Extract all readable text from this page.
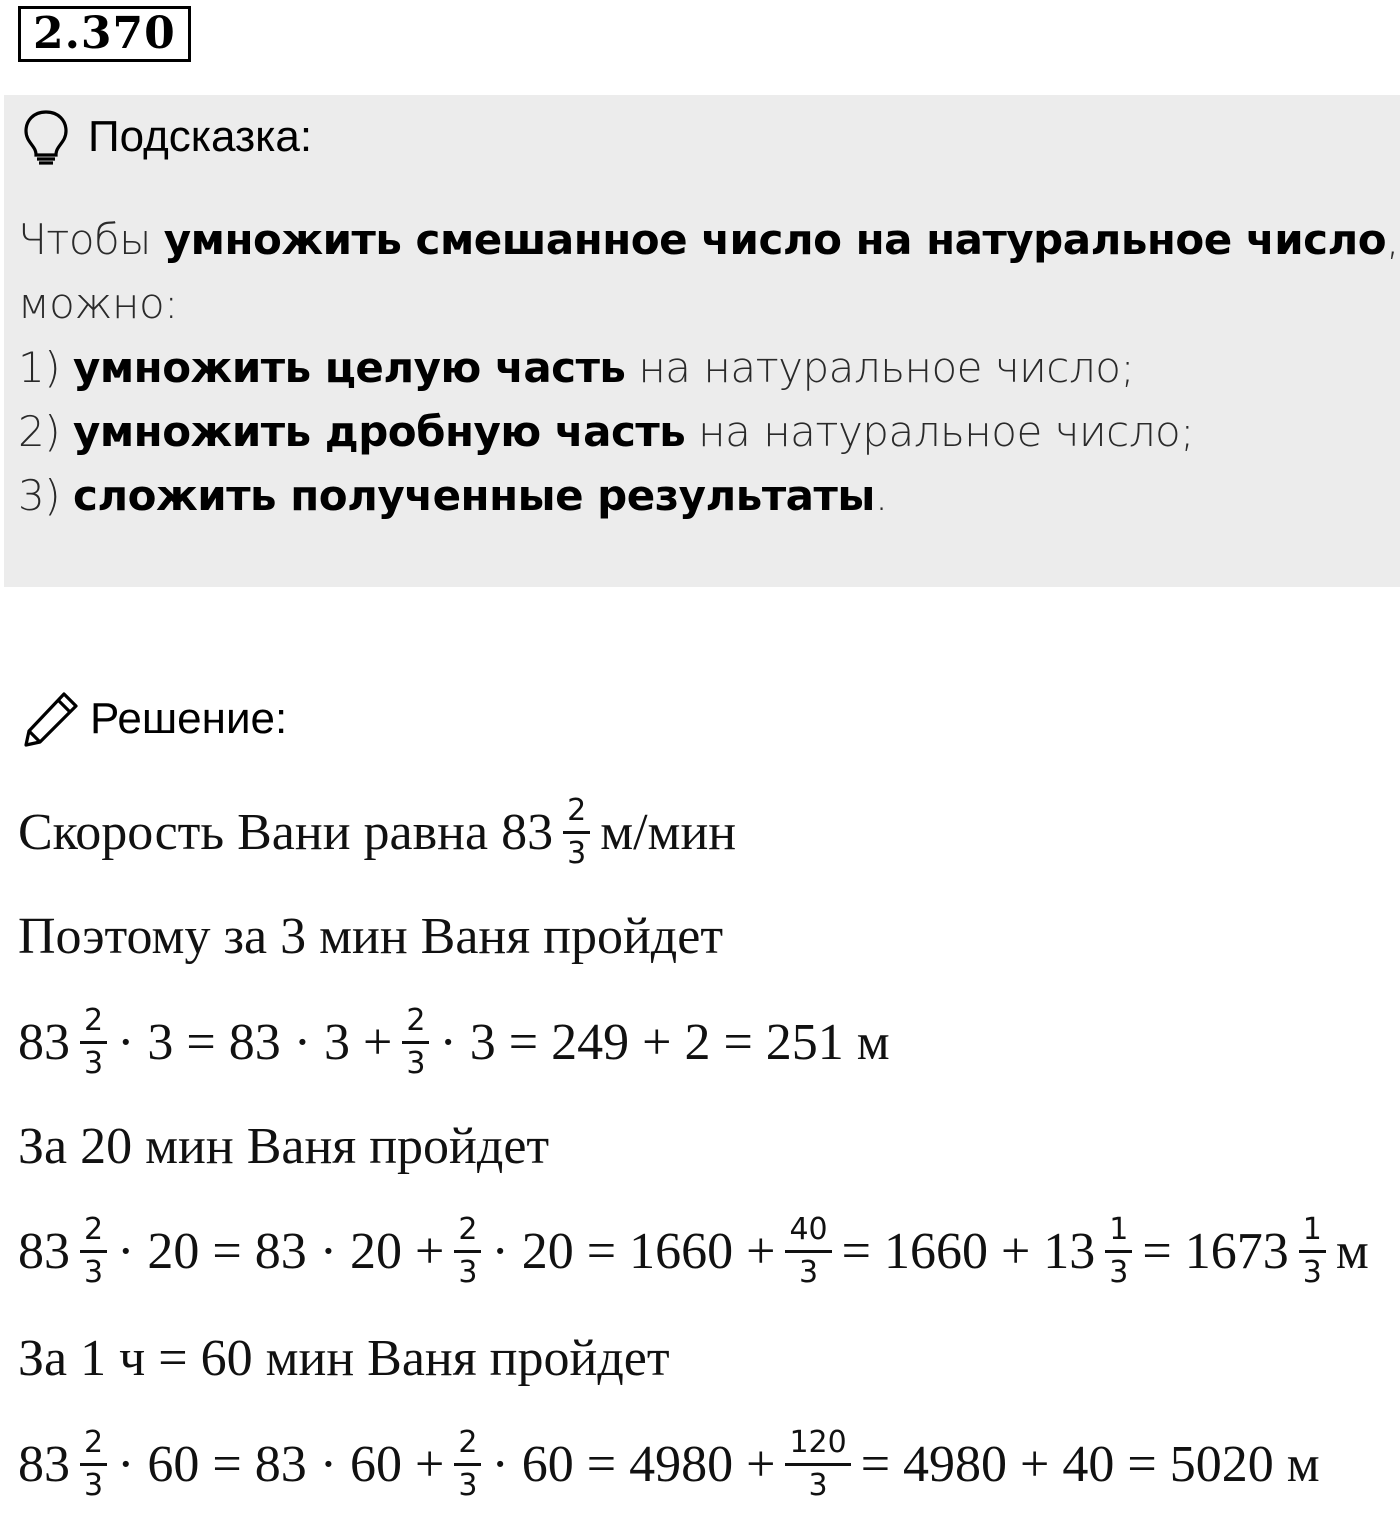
2.370
Подсказка:
Чтобы умножить смешанное число на натуральное число,
можно:
1) умножить целую часть на натуральное число;
2) умножить дробную часть на натуральное число;
3) сложить полученные результаты.
Решение:
Скорость Вани равна $83 \frac{2}{3} м/мин$
Поэтому за 3 мин Ваня пройдет
$83 \frac{2}{3} \cdot 3 = 83 \cdot 3 + \frac{2}{3} \cdot 3 = 249 + 2 = 251$ м
За 20 мин Ваня пройдет
$83 \frac{2}{3} \cdot 20 = 83 \cdot 20 + \frac{2}{3} \cdot 20 = 1660 + \frac{40}{3} = 1660 + 13 \frac{1}{3} = 1673 \frac{1}{3}$ м
За 1 ч = 60 мин Ваня пройдет
$83 \frac{2}{3} \cdot 60 = 83 \cdot 60 + \frac{2}{3} \cdot 60 = 4980 + \frac{120}{3} = 4980 + 40 = 5020$ м
